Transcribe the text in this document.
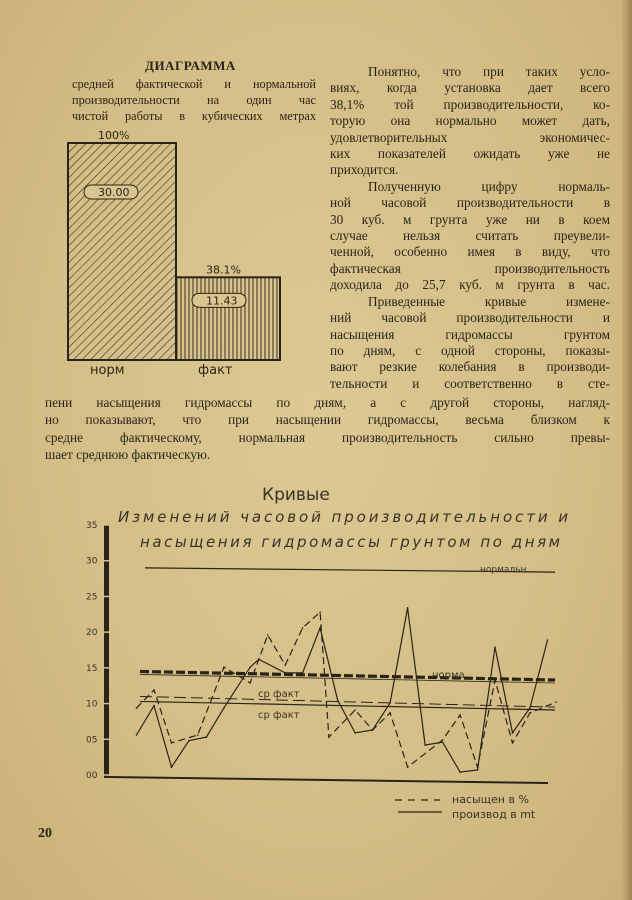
ДИАГРАММА
средней фактической и нормальной
производительности на один час
чистой работы в кубических метрах
Понятно, что при таких усло-
виях, когда установка дает всего
38,1% той производительности, ко-
торую она нормально может дать,
удовлетворительных экономичес-
ких показателей ожидать уже не
приходится.
Полученную цифру нормаль-
ной часовой производительности в
30 куб. м грунта уже ни в коем
случае нельзя считать преувели-
ченной, особенно имея в виду, что
фактическая производительность
доходила до 25,7 куб. м грунта в час.
Приведенные кривые измене-
ний часовой производительности и
насыщения гидромассы грунтом
по дням, с одной стороны, показы-
вают резкие колебания в производи-
тельности и соответственно в сте-
пени насыщения гидромассы по дням, а с другой стороны, нагляд-
но показывают, что при насыщении гидромассы, весьма близком к
средне фактическому, нормальная производительность сильно превы-
шает среднюю фактическую.
20
30.00
100%
норм
11.43
38.1%
факт
Кривые
Изменений часовой производительности и
насыщения гидромассы грунтом по дням
35
30
25
20
15
10
05
00
нормальн
норма
ср факт
ср факт
насыщен в %
производ в mt
